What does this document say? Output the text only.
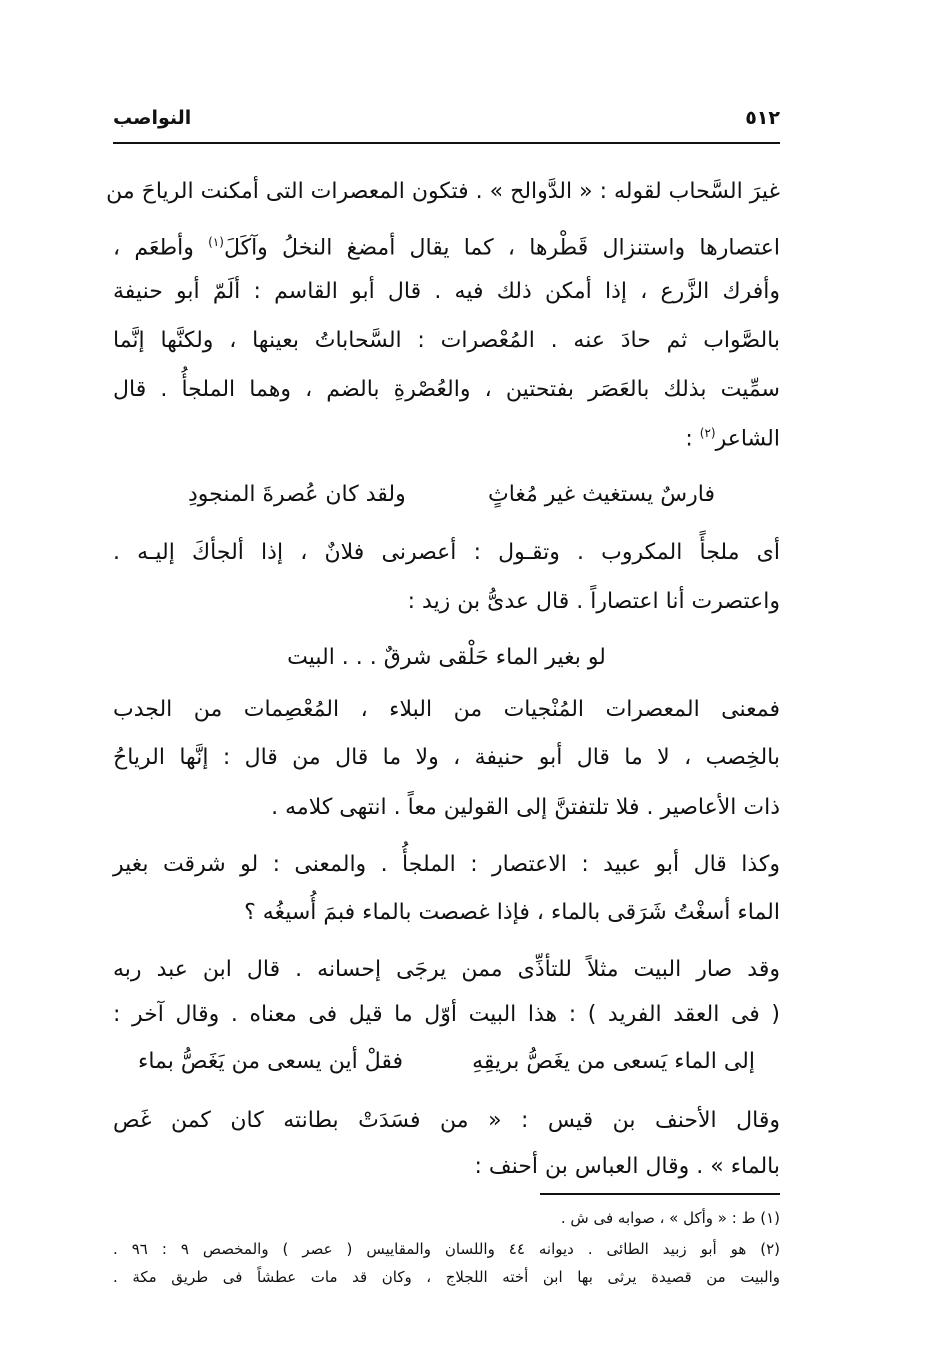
٥١٢
النواصب
غيرَ السَّحاب لقوله : « الدَّوالح » . فتكون المعصرات التى أمكنت الرياحَ من
اعتصارها واستنزال قَطْرها ، كما يقال أمضغ النخلُ وآكَلَ$^{(١)}$ وأطعَم ،
وأفرك الزَّرع ، إذا أمكن ذلك فيه . قال أبو القاسم : ألَمّ أبو حنيفة
بالصَّواب ثم حادَ عنه . المُعْصرات : السَّحاباتُ بعينها ، ولكنَّها إنَّما
سمِّيت بذلك بالعَصَر بفتحتين ، والعُصْرةِ بالضم ، وهما الملجأُ . قال
الشاعر$^{(٢)}$ :
فارسٌ يستغيث غير مُغاثٍ
ولقد كان عُصرةَ المنجودِ
أى ملجأً المكروب . وتقـول : أعصرنى فلانٌ ، إذا ألجأكَ إليـه .
واعتصرت أنا اعتصاراً . قال عدىُّ بن زيد :
لو بغير الماء حَلْقى شرقٌ . . . البيت
فمعنى المعصرات المُنْجيات من البلاء ، المُعْصِمات من الجدب
بالخِصب ، لا ما قال أبو حنيفة ، ولا ما قال من قال : إنَّها الرياحُ
ذات الأعاصير . فلا تلتفتنَّ إلى القولين معاً . انتهى كلامه .
وكذا قال أبو عبيد : الاعتصار : الملجأُ . والمعنى : لو شرقت بغير
الماء أسغْتُ شَرَقى بالماء ، فإذا غصصت بالماء فبمَ أُسيغُه ؟
وقد صار البيت مثلاً للتأذِّى ممن يرجَى إحسانه . قال ابن عبد ربه
( فى العقد الفريد ) : هذا البيت أوّل ما قيل فى معناه . وقال آخر :
إلى الماء يَسعى من يغَصُّ بريقِهِ
فقلْ أين يسعى من يَغَصُّ بماء
وقال الأحنف بن قيس : « من فسَدَتْ بطانته كان كمن غَص
بالماء » . وقال العباس بن أحنف :
(١) ط : « وأكل » ، صوابه فى ش .
(٢) هو أبو زبيد الطائى . ديوانه ٤٤ واللسان والمقاييس ( عصر ) والمخصص ٩ : ٩٦ .
والبيت من قصيدة يرثى بها ابن أخته اللجلاج ، وكان قد مات عطشاً فى طريق مكة .
